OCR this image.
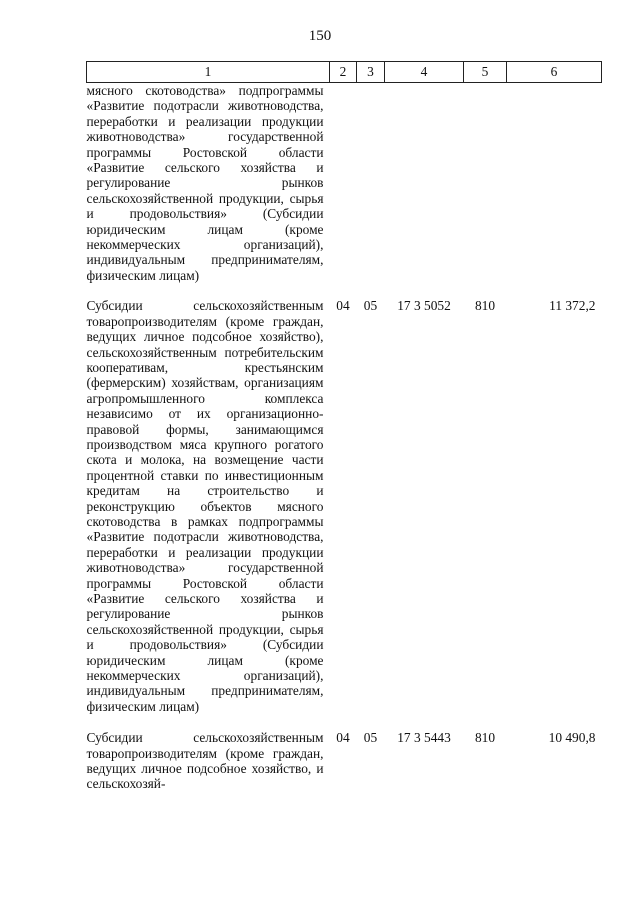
150
1	2	3	4	5	6
мясного скотоводства» подпрограммы «Развитие подотрасли животноводства, переработки и реализации продукции животноводства» государственной программы Ростовской области «Развитие сельского хозяйства и регулирование рынков сельскохозяйственной продукции, сырья и продовольствия» (Субсидии юридическим лицам (кроме некоммерческих организаций), индивидуальным предпринимателям, физическим лицам)					
Субсидии сельскохозяйственным товаропроизводителям (кроме граждан, ведущих личное подсобное хозяйство), сельскохозяйственным потребительским кооперативам, крестьянским (фермерским) хозяйствам, организациям агропромышленного комплекса независимо от их организационно-правовой формы, занимающимся производством мяса крупного рогатого скота и молока, на возмещение части процентной ставки по инвестиционным кредитам на строительство и реконструкцию объектов мясного скотоводства в рамках подпрограммы «Развитие подотрасли животноводства, переработки и реализации продукции животноводства» государственной программы Ростовской области «Развитие сельского хозяйства и регулирование рынков сельскохозяйственной продукции, сырья и продовольствия» (Субсидии юридическим лицам (кроме некоммерческих организаций), индивидуальным предпринимателям, физическим лицам)	04	05	17 3 5052	810	11 372,2
Субсидии сельскохозяйственным товаропроизводителям (кроме граждан, ведущих личное подсобное хозяйство, и сельскохозяй-	04	05	17 3 5443	810	10 490,8
